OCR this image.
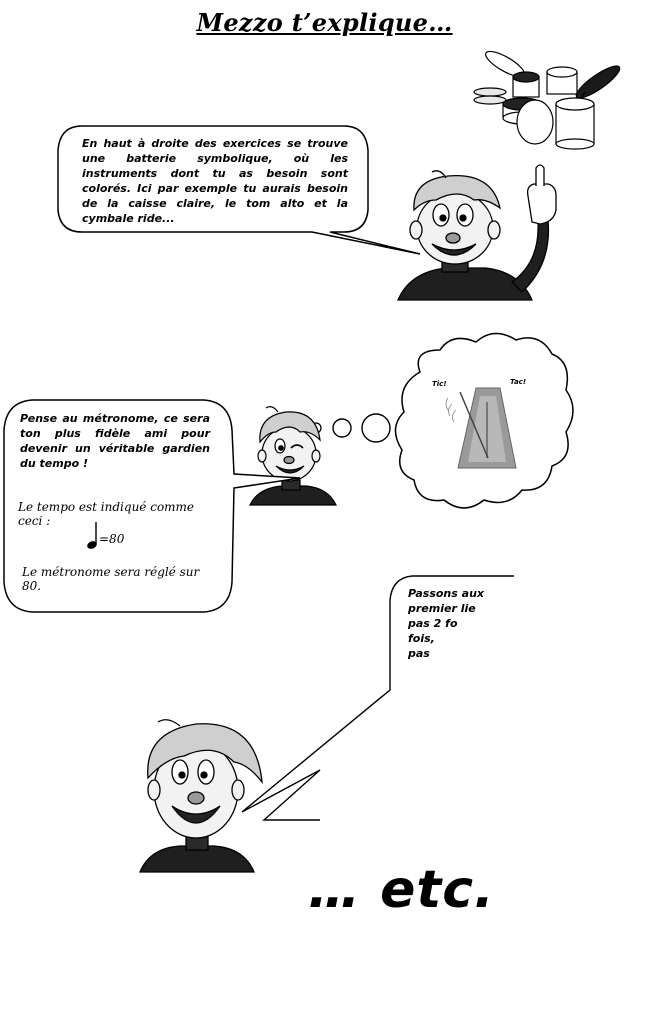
Mezzo t’explique…
Tic!	Tac!
En haut à droite des exercices se trouve une batterie symbolique, où les instruments dont tu as besoin sont colorés. Ici par exemple tu aurais besoin de la caisse claire, le tom alto et la cymbale ride...
Pense au métronome, ce sera ton plus fidèle ami pour devenir un véritable gardien du tempo !
Le tempo est indiqué comme ceci :
=80
Le métronome sera réglé sur 80.
Passons aux
premier lie
pas 2 fo
fois,
pas
… etc.
